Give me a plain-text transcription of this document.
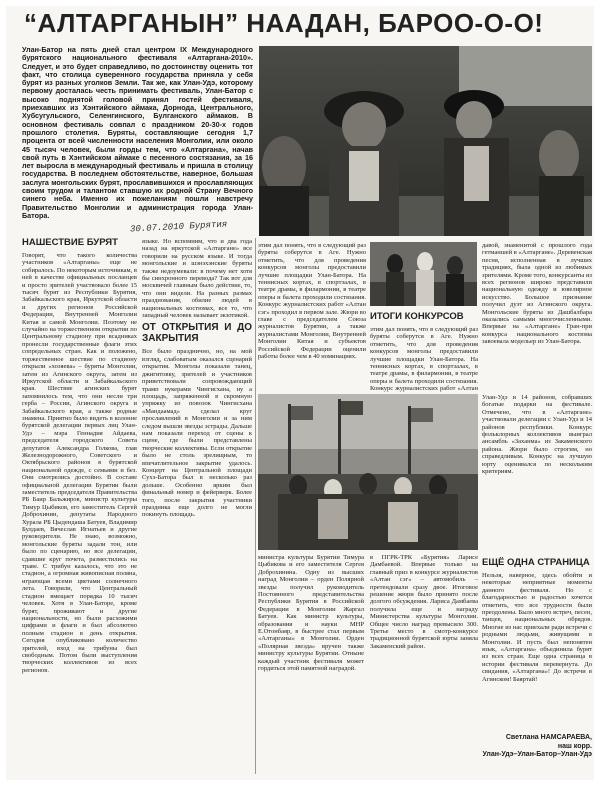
“АЛТАРГАНЫН” НААДАН, БАРОО-О-О!
Улан-Батор на пять дней стал центром IX Международного бурятского национального фестиваля «Алтаргана-2010». Следует, и это будет справедливо, по достоинству оценить тот факт, что столица суверенного государства приняла у себя бурят из разных уголков Земли. Так же, как Улан-Удэ, которому первому досталась честь принимать фестиваль, Улан-Батор с высоко поднятой головой принял гостей фестиваля, приехавших из Хэнтийского аймака, Дорнода, Центрального, Хубсугульского, Селенгинского, Булганского аймаков. В основном фестиваль совпал с праздником 20-30-х годов прошлого столетия. Буряты, составляющие сегодня 1,7 процента от всей численности населения Монголии, или около 45 тысяч человек, были горды тем, что «Алтаргана», начав свой путь в Хэнтийском аймаке с песенного состязания, за 16 лет выросла в международный фестиваль и пришла в столицу государства. В последнем обстоятельстве, наверное, большая заслуга монгольских бурят, прославившихся и прославляющих своим трудом и талантом ставшую их родной Страну Вечного синего неба. Именно их пожеланиям пошли навстречу Правительство Монголии и администрация города Улан-Батора.
30.07.2010 Бурятия
НАШЕСТВИЕ БУРЯТ
Говорят, что такого количества участников «Алтарганы» еще не собиралось. По некоторым источникам, в ней в качестве официальных посланцев и просто зрителей участвовало более 15 тысяч бурят из Республики Бурятия, Забайкальского края, Иркутской области и других регионов Российской Федерации, Внутренней Монголии Китая и самой Монголии. Поэтому не случайно на торжественном открытии по Центральному стадиону при всадниках пронесли государственные флаги этих сопредельных стран. Как и положено, торжественное шествие по стадиону открыли «хозяева» – буряты Монголии, затем из Агинского округа, затем из Иркутской области и Забайкальского края. Шествие агинских бурят запомнилось тем, что они несли три герба – России, Агинского округа и Забайкальского края, а также родные знамена. Приятно было видеть в колонне бурятской делегации первых лиц Улан-Удэ – мэра Геннадия Айдаева, председателя городского Совета депутатов Александра Голкова, глав Железнодорожного, Советского и Октябрьского районов в бурятской национальной одежде, с семьями и без. Они смотрелись достойно. В составе официальной делегации Бурятии были заместитель председателя Правительства РБ Баир Бальжиров, министр культуры Тимур Цыбиков, его заместитель Сергей Доброхинин, депутаты Народного Хурала РБ Цыдендаша Батуев, Владимир Булдаев, Вячеслав Игнатьев и другие руководители. Не знаю, возможно, монгольские буряты задали тон, или было по сценарию, но все делегации, сдавшие круг почета, разместились на траве. С трибун казалось, что это не стадион, а огромная живописная поляна, играющая всеми цветами солнечного лета. Говорили, что Центральный стадион вмещает порядка 10 тысяч человек. Хотя в Улан-Баторе, кроме бурят, проживают и другие национальности, но были расхожими цифрами и флаги и был абсолютно полным стадион в день открытия. Сегодня опубликовано количество зрителей, вход на трибуны был свободным. Потом были выступления творческих коллективов из всех регионов.
языке. Но вспомним, что и два года назад на иркутской «Алтаргане» все говорили на русском языке. И тогда монгольские и шэнэхэнские буряты также недоумевали: в почему нет хотя бы синхронного перевода? Так вот для москвичей главным было действие, то, что они видели. На разных размах празднования, обилие людей в национальных костюмах, все то, что западный человек называет экзотикой.
ОТ ОТКРЫТИЯ И ДО ЗАКРЫТИЯ
Все было празднично, но, на мой взгляд, слабоватым оказался сценарий открытия. Монголы показали танец, джигитовку, зрителей и участников приветствовали сопровождающий трамп нукерами Чингисхана, ну а площадь, запряженной в скромную упряжку из повозок Чингисхана «Мандаамад» сделал круг прославлений в Монголии и за ним следом вышли звезды эстрады. Дальше нам показали переход от сцены к сцене, где были представлены творческие коллективы. Если открытие было не столь зрелищным, то впечатлительное закрытие удалось. Концерт на Центральной площади Сухэ-Батора был в несколько раз дольше. Особенно ярким был финальный номер и фейерверк. Более того, после закрытия участники праздника еще долго не могли покинуть площадь.
этим дал понять, что в следующий раз буряты соберутся в Аге. Нужно отметить, что для проведения конкурсов монголы предоставили лучшие площадки Улан-Батора. На теннисных кортах, в спортзалах, в театре драмы, в филармонии, в театре оперы и балета проходили состязания. Конкурс журналистских работ «Алтан сэг» проходил в первом зале. Жюри во главе с председателем Союза журналистов Бурятии, а также журналистами Монголии, Внутренней Монголии Китая и субъектов Российской Федерации оценили работы более чем в 40 номинациях.
ИТОГИ КОНКУРСОВ
этим дал понять, что в следующий раз буряты соберутся в Аге. Нужно отметить, что для проведения конкурсов монголы предоставили лучшие площадки Улан-Батора. На теннисных кортах, в спортзалах, в театре драмы, в филармонии, в театре оперы и балета проходили состязания. Конкурс журналистских работ «Алтан
давой, знаменитой с прошлого года гетманшей в «Алтаргане». Деревенская песня, исполненная в лучших традициях, была одной из любимых зрителями. Кроме того, конкурсанты из всех регионов широко представили национальную одежду и ювелирное искусство. Большое признание получил дуэт из Агинского округа. Монгольские буряты из Дашбалбара оказались самыми многочисленными. Впервые на «Алтаргане» Гран-при конкурса национального костюма завоевала модельер из Улан-Батора.
Улан-Удэ и 14 районов, собравших богатые подарки на фестивале. Отмечено, что в «Алтаргане» участвовали делегации с Улан-Удэ и 14 районов республики. Конкурс фольклорных коллективов выиграл ансамбль «Заханма» из Закаменского района. Жюри было строгим, но справедливым. Конкурс на лучшую юрту оценивался по нескольким критериям.
министра культуры Бурятии Тимура Цыбикова и его заместителя Сергея Доброхинина. Одну из высших наград Монголии – орден Полярной звезды получил руководитель Постоянного представительства Республики Бурятия в Российской Федерации в Монголии Жаргал Батуев. Как министр культуры, образования и науки МНР Е.Отонбаяр, в быстрее стал первым «Алтарганы» в Монголии. Орден «Полярная звезда» вручен также министру культуры Бурятии. Отныне каждый участник фестиваля может гордиться этой памятной наградой.
в ПГРК-ТРК «Бурятия» Ларисе Дамбаевой. Впервые только на главный приз в конкурсе журналистов «Алтан сэг» – автомобиль – претендовали сразу двое. Итоговое решение жюри было принято после долгого обсуждения. Лариса Дамбаева получила еще и награду Министерства культуры Монголии. Общее число наград превысило 300. Третье место в смотр-конкурсе традиционной бурятской юрты заняла Закаменский район.
ЕЩЁ ОДНА СТРАНИЦА
Нельзя, наверное, здесь обойти и некоторые неприятные моменты данного фестиваля. Но с благодарностью и радостью хочется отметить, что все трудности были преодолены. Было много встреч, песен, танцев, национальных обрядов. Многие из нас приехали ради встречи с родными людьми, живущими в Монголии. И пусть был непонятен язык, «Алтаргана» объединила бурят из всех стран. Еще одна страница в истории фестиваля перевернута. До свидания, «Алтаргана»! До встречи в Агинском! Баяртай!
Светлана НАМСАРАЕВА,
наш корр.
Улан-Удэ–Улан-Батор–Улан-Удэ
